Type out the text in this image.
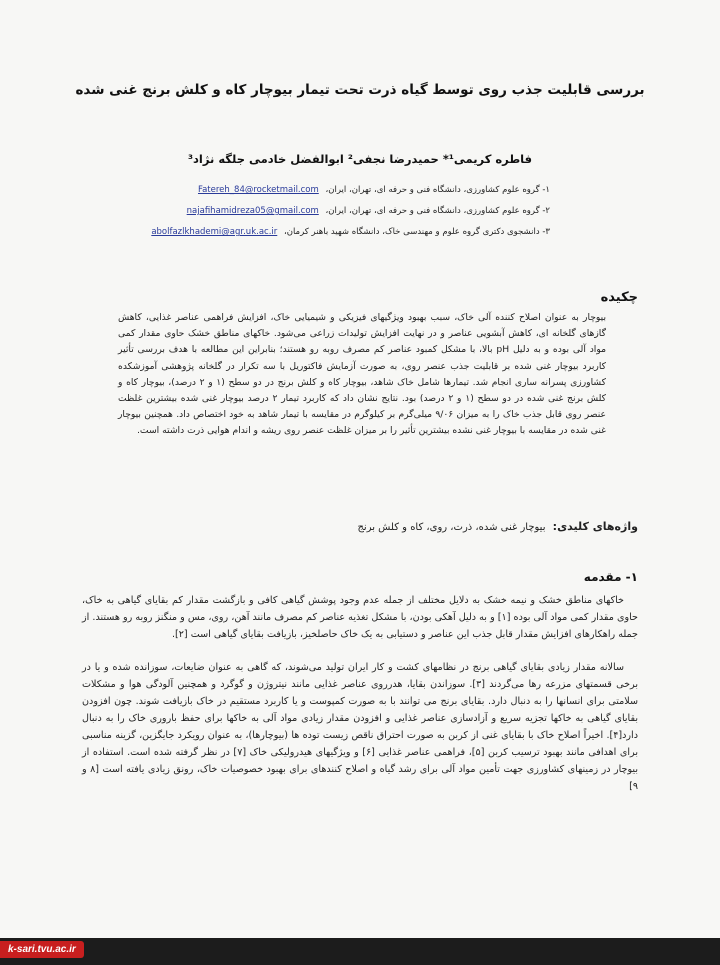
بررسی قابلیت جذب روی توسط گیاه ذرت تحت تیمار بیوچار کاه و کلش برنج غنی شده
فاطره کریمی¹* حمیدرضا نجفی² ابوالفضل خادمی جلگه نژاد³
١- گروه علوم کشاورزی، دانشگاه فنی و حرفه ای، تهران، ایران، Fatereh_84@rocketmail.com
٢- گروه علوم کشاورزی، دانشگاه فنی و حرفه ای، تهران، ایران، najafihamidreza05@gmail.com
٣- دانشجوی دکتری گروه علوم و مهندسی خاک، دانشگاه شهید باهنر کرمان، abolfazlkhademi@agr.uk.ac.ir
چکیده
بیوچار به عنوان اصلاح کننده آلی خاک، سبب بهبود ویژگیهای فیزیکی و شیمیایی خاک، افزایش فراهمی عناصر غذایی، کاهش گازهای گلخانه ای، کاهش آبشویی عناصر و در نهایت افزایش تولیدات زراعی می‌شود. خاکهای مناطق خشک حاوی مقدار کمی مواد آلی بوده و به دلیل pH بالا، با مشکل کمبود عناصر کم مصرف روبه رو هستند؛ بنابراین این مطالعه با هدف بررسی تأثیر کاربرد بیوچار غنی شده بر قابلیت جذب عنصر روی، به صورت آزمایش فاکتوریل با سه تکرار در گلخانه پژوهشی آموزشکده کشاورزی پسرانه ساری انجام شد. تیمارها شامل خاک شاهد، بیوچار کاه و کلش برنج در دو سطح (۱ و ۲ درصد)، بیوچار کاه و کلش برنج غنی شده در دو سطح (۱ و ۲ درصد) بود. نتایج نشان داد که کاربرد تیمار ۲ درصد بیوچار غنی شده بیشترین غلظت عنصر روی قابل جذب خاک را به میزان ۹/۰۶ میلی‌گرم بر کیلوگرم در مقایسه با تیمار شاهد به خود اختصاص داد. همچنین بیوچار غنی شده در مقایسه با بیوچار غنی نشده بیشترین تأثیر را بر میزان غلظت عنصر روی ریشه و اندام هوایی ذرت داشته است.
واژه‌های کلیدی: بیوچار غنی شده، ذرت، روی، کاه و کلش برنج
۱- مقدمه

خاکهای مناطق خشک و نیمه خشک به دلایل مختلف از جمله عدم وجود پوشش گیاهی کافی و بازگشت مقدار کم بقایای گیاهی به خاک، حاوی مقدار کمی مواد آلی بوده [۱] و به دلیل آهکی بودن، با مشکل تغذیه عناصر کم مصرف مانند آهن، روی، مس و منگنز روبه رو هستند. از جمله راهکارهای افزایش مقدار قابل جذب این عناصر و دستیابی به یک خاک حاصلخیز، بازیافت بقایای گیاهی است [۲].

سالانه مقدار زیادی بقایای گیاهی برنج در نظامهای کشت و کار ایران تولید می‌شوند، که گاهی به عنوان ضایعات، سوزانده شده و یا در برخی قسمتهای مزرعه رها می‌گردند [۳]. سوزاندن بقایا، هدرروی عناصر غذایی مانند نیتروژن و گوگرد و همچنین آلودگی هوا و مشکلات سلامتی برای انسانها را به دنبال دارد. بقایای برنج می توانند با به صورت کمپوست و یا کاربرد مستقیم در خاک بازیافت شوند. چون افزودن بقایای گیاهی به خاکها تجزیه سریع و آزادسازی عناصر غذایی و افزودن مقدار زیادی مواد آلی به خاکها برای حفظ باروری خاک را به دنبال دارد[۴]. اخیراً اصلاح خاک با بقایای غنی از کربن به صورت احتراق ناقص زیست توده ها (بیوچارها)، به عنوان رویکرد جایگزین، گزینه مناسبی برای اهدافی مانند بهبود ترسیب کربن [۵]، فراهمی عناصر غذایی [۶] و ویژگیهای هیدرولیکی خاک [۷] در نظر گرفته شده است. استفاده از بیوچار در زمینهای کشاورزی جهت تأمین مواد آلی برای رشد گیاه و اصلاح کنندهای برای بهبود خصوصیات خاک، رونق زیادی یافته است [۸ و ۹]

k-sari.tvu.ac.ir
